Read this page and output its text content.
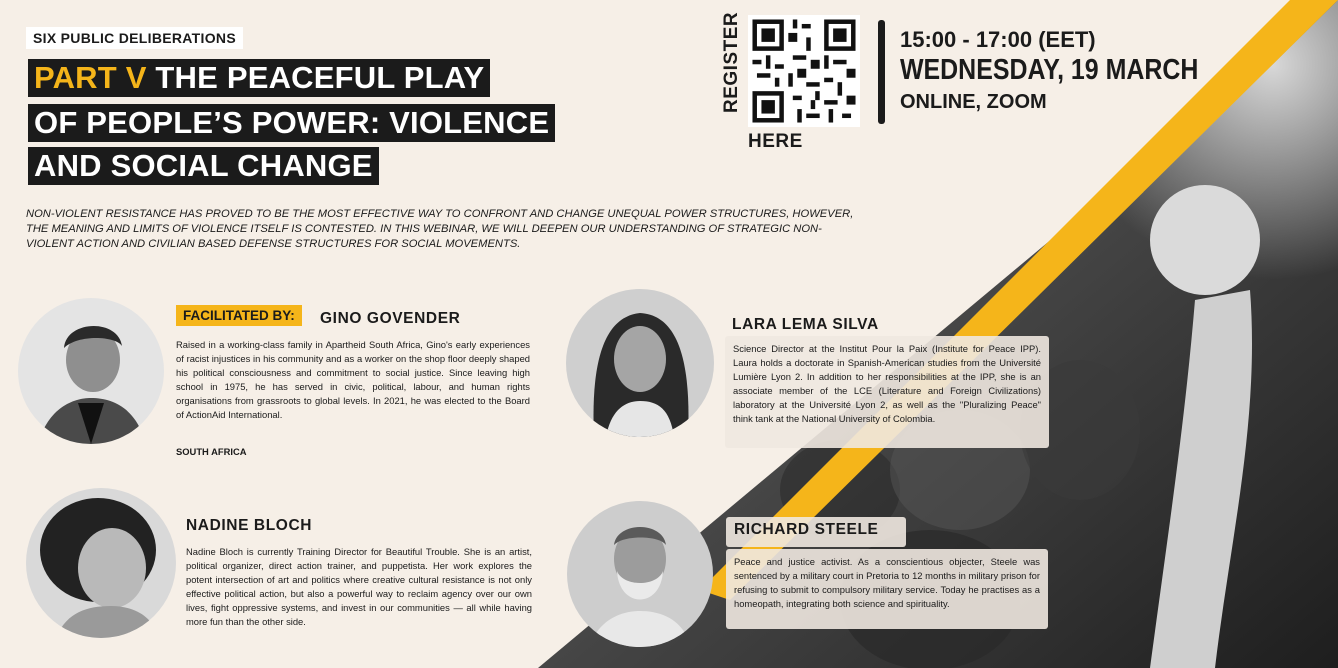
SIX PUBLIC DELIBERATIONS
PART V THE PEACEFUL PLAY
OF PEOPLE’S POWER: VIOLENCE
AND SOCIAL CHANGE
NON-VIOLENT RESISTANCE HAS PROVED TO BE THE MOST EFFECTIVE WAY TO CONFRONT AND CHANGE UNEQUAL POWER STRUCTURES, HOWEVER, THE MEANING AND LIMITS OF VIOLENCE ITSELF IS CONTESTED. IN THIS WEBINAR, WE WILL DEEPEN OUR UNDERSTANDING OF STRATEGIC NON-VIOLENT ACTION AND CIVILIAN BASED DEFENSE STRUCTURES FOR SOCIAL MOVEMENTS.
REGISTER
HERE
15:00 - 17:00 (EET)
WEDNESDAY, 19 MARCH
ONLINE, ZOOM
FACILITATED BY:	GINO GOVENDER
Raised in a working-class family in Apartheid South Africa, Gino's early experiences of racist injustices in his community and as a worker on the shop floor deeply shaped his political consciousness and commitment to social justice. Since leaving high school in 1975, he has served in civic, political, labour, and human rights organisations from grassroots to global levels. In 2021, he was elected to the Board of ActionAid International.
SOUTH AFRICA
LARA LEMA SILVA
Science Director at the Institut Pour la Paix (Institute for Peace IPP). Laura holds a doctorate in Spanish-American studies from the Université Lumière Lyon 2. In addition to her responsibilities at the IPP, she is an associate member of the LCE (Literature and Foreign Civilizations) laboratory at the Université Lyon 2, as well as the "Pluralizing Peace" think tank at the National University of Colombia.
NADINE BLOCH
Nadine Bloch is currently Training Director for Beautiful Trouble. She is an artist, political organizer, direct action trainer, and puppetista. Her work explores the potent intersection of art and politics where creative cultural resistance is not only effective political action, but also a powerful way to reclaim agency over our own lives, fight oppressive systems, and invest in our communities — all while having more fun than the other side.
RICHARD STEELE
Peace and justice activist. As a conscientious objecter, Steele was sentenced by a military court in Pretoria to 12 months in military prison for refusing to submit to compulsory military service. Today he practises as a homeopath, integrating both science and spirituality.
